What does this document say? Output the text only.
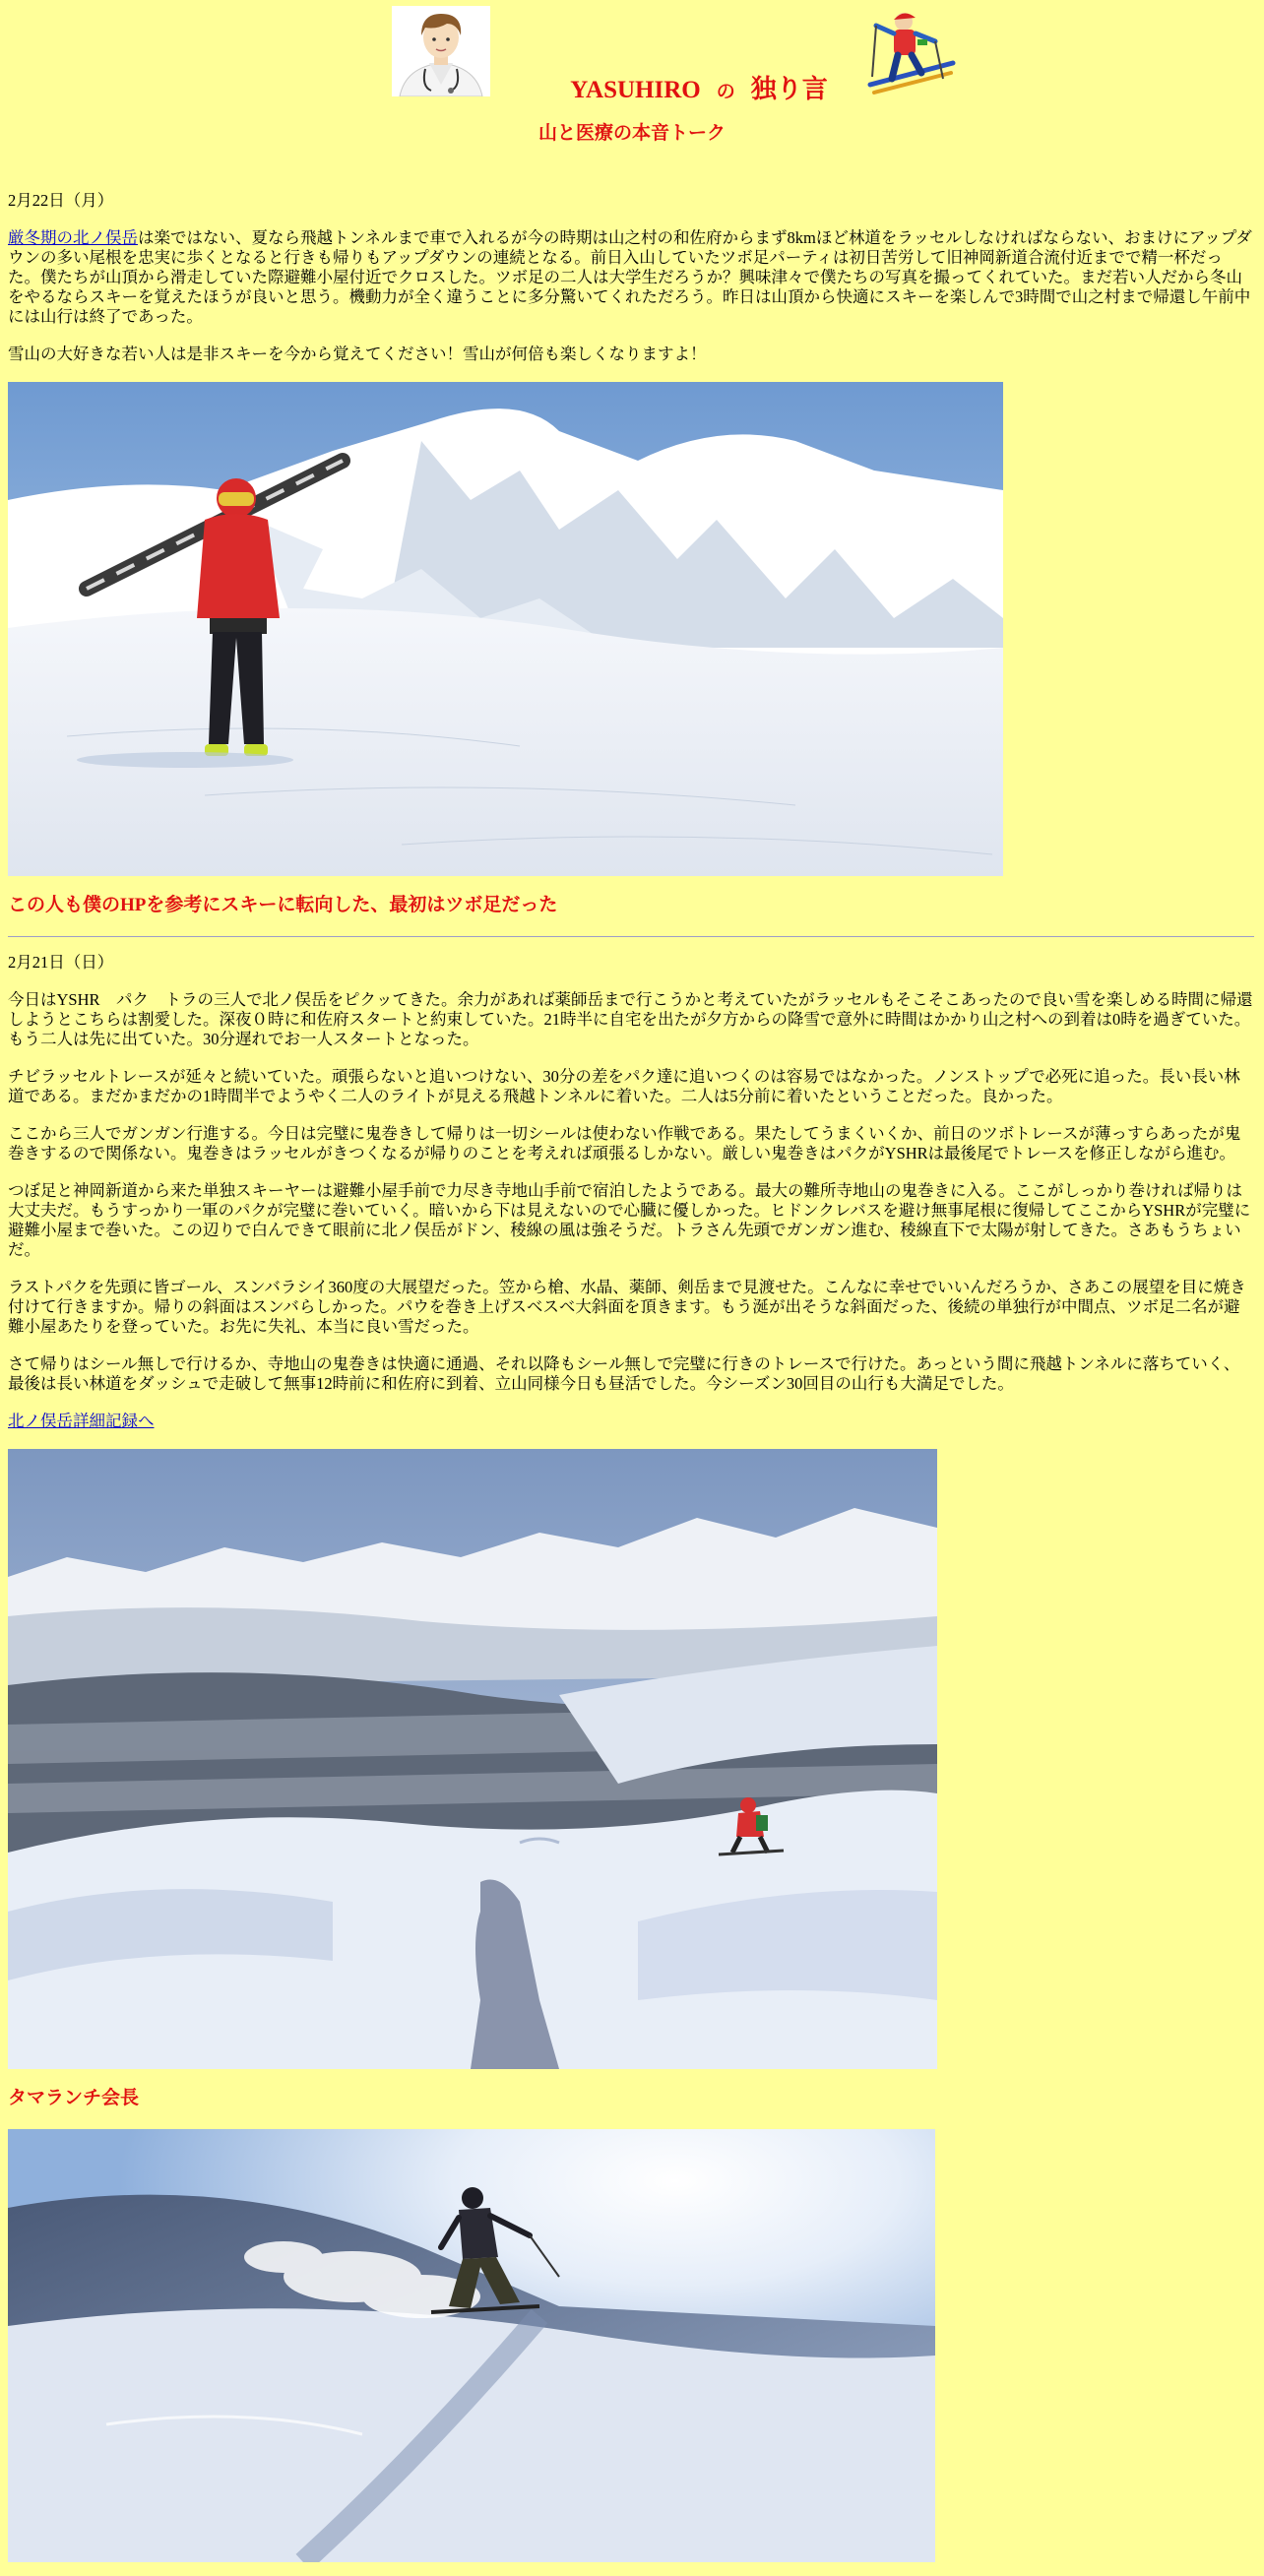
YASUHIRO の 独り言
山と医療の本音トーク

2月22日（月）

厳冬期の北ノ俣岳は楽ではない、夏なら飛越トンネルまで車で入れるが今の時期は山之村の和佐府からまず8kmほど林道をラッセルしなければならない、おまけにアップダウンの多い尾根を忠実に歩くとなると行きも帰りもアップダウンの連続となる。前日入山していたツボ足パーティは初日苦労して旧神岡新道合流付近までで精一杯だった。僕たちが山頂から滑走していた際避難小屋付近でクロスした。ツボ足の二人は大学生だろうか？興味津々で僕たちの写真を撮ってくれていた。まだ若い人だから冬山をやるならスキーを覚えたほうが良いと思う。機動力が全く違うことに多分驚いてくれただろう。昨日は山頂から快適にスキーを楽しんで3時間で山之村まで帰還し午前中には山行は終了であった。

雪山の大好きな若い人は是非スキーを今から覚えてください！雪山が何倍も楽しくなりますよ！

この人も僕のHPを参考にスキーに転向した、最初はツボ足だった

2月21日（日）

今日はYSHR　パク　トラの三人で北ノ俣岳をピクッてきた。余力があれば薬師岳まで行こうかと考えていたがラッセルもそこそこあったので良い雪を楽しめる時間に帰還しようとこちらは割愛した。深夜０時に和佐府スタートと約束していた。21時半に自宅を出たが夕方からの降雪で意外に時間はかかり山之村への到着は0時を過ぎていた。もう二人は先に出ていた。30分遅れでお一人スタートとなった。

チビラッセルトレースが延々と続いていた。頑張らないと追いつけない、30分の差をパク達に追いつくのは容易ではなかった。ノンストップで必死に追った。長い長い林道である。まだかまだかの1時間半でようやく二人のライトが見える飛越トンネルに着いた。二人は5分前に着いたということだった。良かった。

ここから三人でガンガン行進する。今日は完璧に鬼巻きして帰りは一切シールは使わない作戦である。果たしてうまくいくか、前日のツボトレースが薄っすらあったが鬼巻きするので関係ない。鬼巻きはラッセルがきつくなるが帰りのことを考えれば頑張るしかない。厳しい鬼巻きはパクがYSHRは最後尾でトレースを修正しながら進む。

つぼ足と神岡新道から来た単独スキーヤーは避難小屋手前で力尽き寺地山手前で宿泊したようである。最大の難所寺地山の鬼巻きに入る。ここがしっかり巻ければ帰りは大丈夫だ。もうすっかり一軍のパクが完璧に巻いていく。暗いから下は見えないので心臓に優しかった。ヒドンクレバスを避け無事尾根に復帰してここからYSHRが完璧に避難小屋まで巻いた。この辺りで白んできて眼前に北ノ俣岳がドン、稜線の風は強そうだ。トラさん先頭でガンガン進む、稜線直下で太陽が射してきた。さあもうちょいだ。

ラストパクを先頭に皆ゴール、スンバラシイ360度の大展望だった。笠から槍、水晶、薬師、剣岳まで見渡せた。こんなに幸せでいいんだろうか、さあこの展望を目に焼き付けて行きますか。帰りの斜面はスンバらしかった。パウを巻き上げスベスベ大斜面を頂きます。もう涎が出そうな斜面だった、後続の単独行が中間点、ツボ足二名が避難小屋あたりを登っていた。お先に失礼、本当に良い雪だった。

さて帰りはシール無しで行けるか、寺地山の鬼巻きは快適に通過、それ以降もシール無しで完璧に行きのトレースで行けた。あっという間に飛越トンネルに落ちていく、最後は長い林道をダッシュで走破して無事12時前に和佐府に到着、立山同様今日も昼活でした。今シーズン30回目の山行も大満足でした。

北ノ俣岳詳細記録へ

タマランチ会長
